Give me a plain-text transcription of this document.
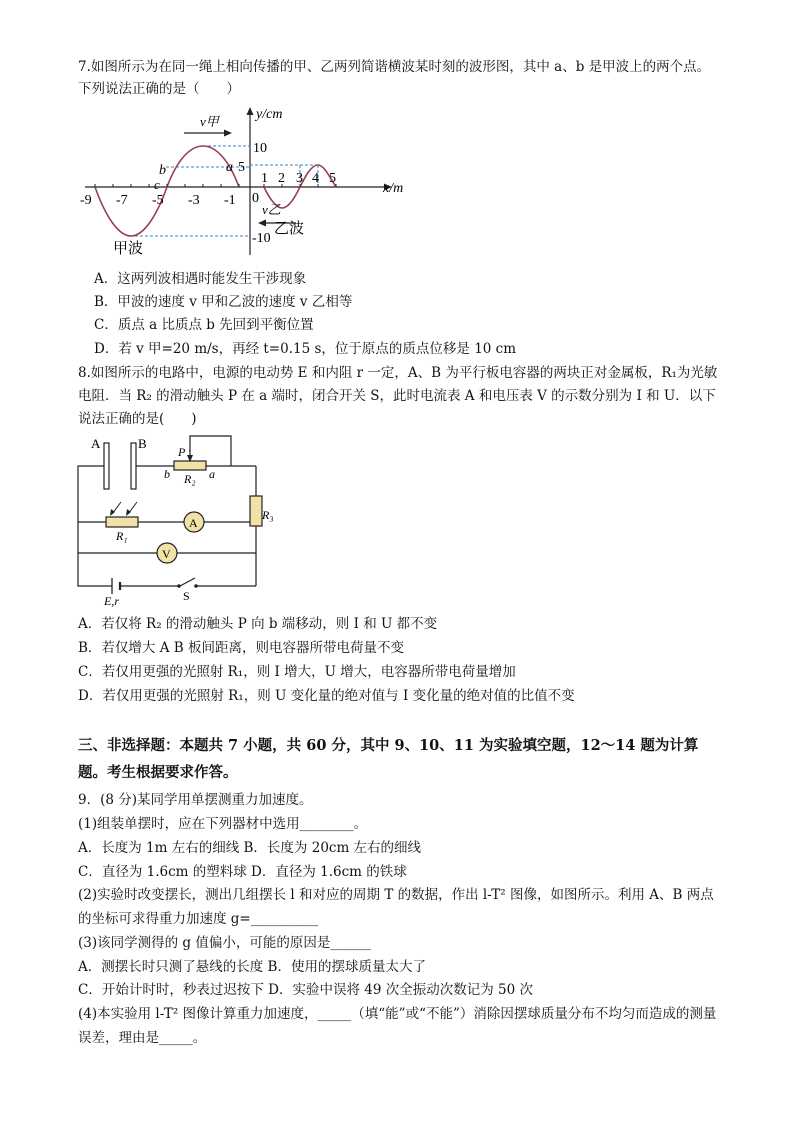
7.如图所示为在同一绳上相向传播的甲、乙两列简谐横波某时刻的波形图，其中 a、b 是甲波上的两个点。
下列说法正确的是（　　）
y/cm
x/m
v甲
v乙
甲波
乙波
a
b
c
10
5
-10
-9 -7 -5 -3 -1 0
1 2 3 4 5
A．这两列波相遇时能发生干涉现象
B．甲波的速度 v 甲和乙波的速度 v 乙相等
C．质点 a 比质点 b 先回到平衡位置
D．若 v 甲=20 m/s，再经 t=0.15 s，位于原点的质点位移是 10 cm
8.如图所示的电路中，电源的电动势 E 和内阻 r 一定，A、B 为平行板电容器的两块正对金属板，R₁为光敏
电阻．当 R₂ 的滑动触头 P 在 a 端时，闭合开关 S，此时电流表 A 和电压表 V 的示数分别为 I 和 U．以下
说法正确的是(　　)
A	B
P
b	a
R₂
R₁
R₃
A
V
E,r	S
A．若仅将 R₂ 的滑动触头 P 向 b 端移动，则 I 和 U 都不变
B．若仅增大 A B 板间距离，则电容器所带电荷量不变
C．若仅用更强的光照射 R₁，则 I 增大，U 增大，电容器所带电荷量增加
D．若仅用更强的光照射 R₁，则 U 变化量的绝对值与 I 变化量的绝对值的比值不变
三、非选择题：本题共 7 小题，共 60 分，其中 9、10、11 为实验填空题，12～14 题为计算
题。考生根据要求作答。
9．(8 分)某同学用单摆测重力加速度。
(1)组装单摆时，应在下列器材中选用________。
A．长度为 1m 左右的细线 B．长度为 20cm 左右的细线
C．直径为 1.6cm 的塑料球 D．直径为 1.6cm 的铁球
(2)实验时改变摆长，测出几组摆长 l 和对应的周期 T 的数据，作出 l-T² 图像，如图所示。利用 A、B 两点
的坐标可求得重力加速度 g=__________
(3)该同学测得的 g 值偏小，可能的原因是______
A．测摆长时只测了悬线的长度 B．使用的摆球质量太大了
C．开始计时时，秒表过迟按下 D．实验中误将 49 次全振动次数记为 50 次
(4)本实验用 l-T² 图像计算重力加速度，_____（填“能”或“不能”）消除因摆球质量分布不均匀而造成的测量
误差，理由是_____。
